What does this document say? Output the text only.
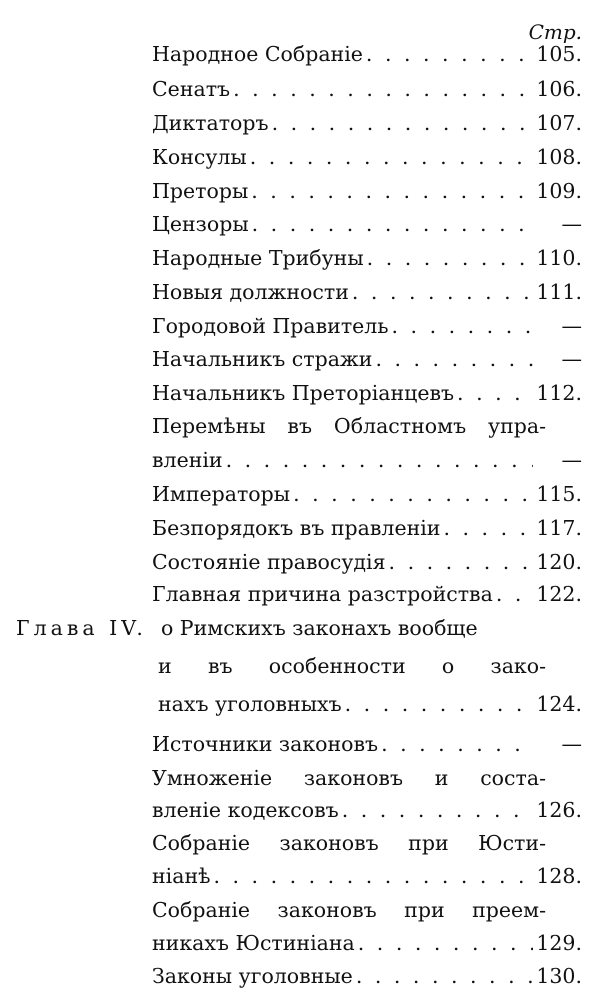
Стр.
Народное Собраніе . . .	105.
Сенатъ . . .	106.
Диктаторъ . . .	107.
Консулы . . .	108.
Преторы . . .	109.
Цензоры . . .	—
Народные Трибуны . . .	110.
Новыя должности . . .	111.
Городовой Правитель . . .	—
Начальникъ стражи . . .	—
Начальникъ Преторіанцевъ . . .	112.
Перемѣны въ Областномъ упра-
вленіи . . .	—
Императоры . . .	115.
Безпорядокъ въ правленіи . . .	117.
Состояніе правосудія . . .	120.
Главная причина разстройства . . . 122.
Глава IV. о Римскихъ законахъ вообще
и въ особенности о зако-
нахъ уголовныхъ . . .	124.
Источники законовъ . . .	—
Умноженіе законовъ и соста-
вленіе кодексовъ . . .	126.
Собраніе законовъ при Юсти-
ніанѣ . . .	128.
Собраніе законовъ при преем-
никахъ Юстиніана . . .	129.
Законы уголовные . . .	130.
